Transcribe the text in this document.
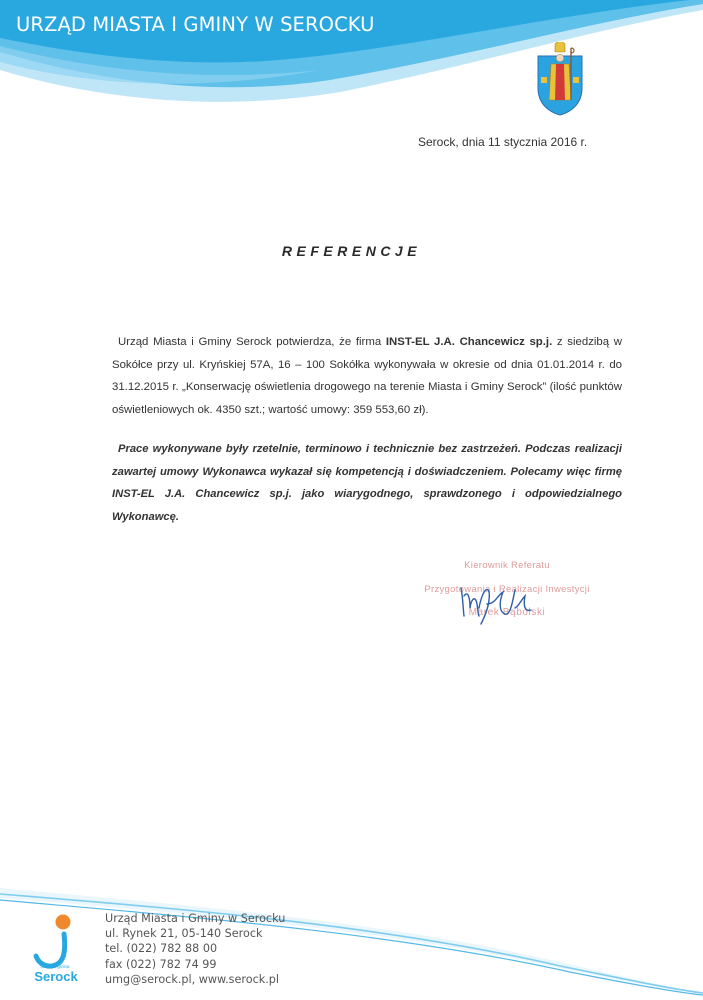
URZĄD MIASTA I GMINY W SEROCKU
Serock, dnia 11 stycznia 2016 r.
REFERENCJE

Urząd Miasta i Gminy Serock potwierdza, że firma INST-EL J.A. Chancewicz sp.j. z siedzibą w Sokółce przy ul. Kryńskiej 57A, 16 – 100 Sokółka wykonywała w okresie od dnia 01.01.2014 r. do 31.12.2015 r. „Konserwację oświetlenia drogowego na terenie Miasta i Gminy Serock” (ilość punktów oświetleniowych ok. 4350 szt.; wartość umowy: 359 553,60 zł).

Prace wykonywane były rzetelnie, terminowo i technicznie bez zastrzeżeń. Podczas realizacji zawartej umowy Wykonawca wykazał się kompetencją i doświadczeniem. Polecamy więc firmę INST-EL J.A. Chancewicz sp.j. jako wiarygodnego, sprawdzonego i odpowiedzialnego Wykonawcę.

Kierownik Referatu
Przygotowania i Realizacji Inwestycji
Marek Bąbolski
miasto i gmina
Serock
Urząd Miasta i Gminy w Serocku
ul. Rynek 21, 05-140 Serock
tel. (022) 782 88 00
fax (022) 782 74 99
umg@serock.pl, www.serock.pl
